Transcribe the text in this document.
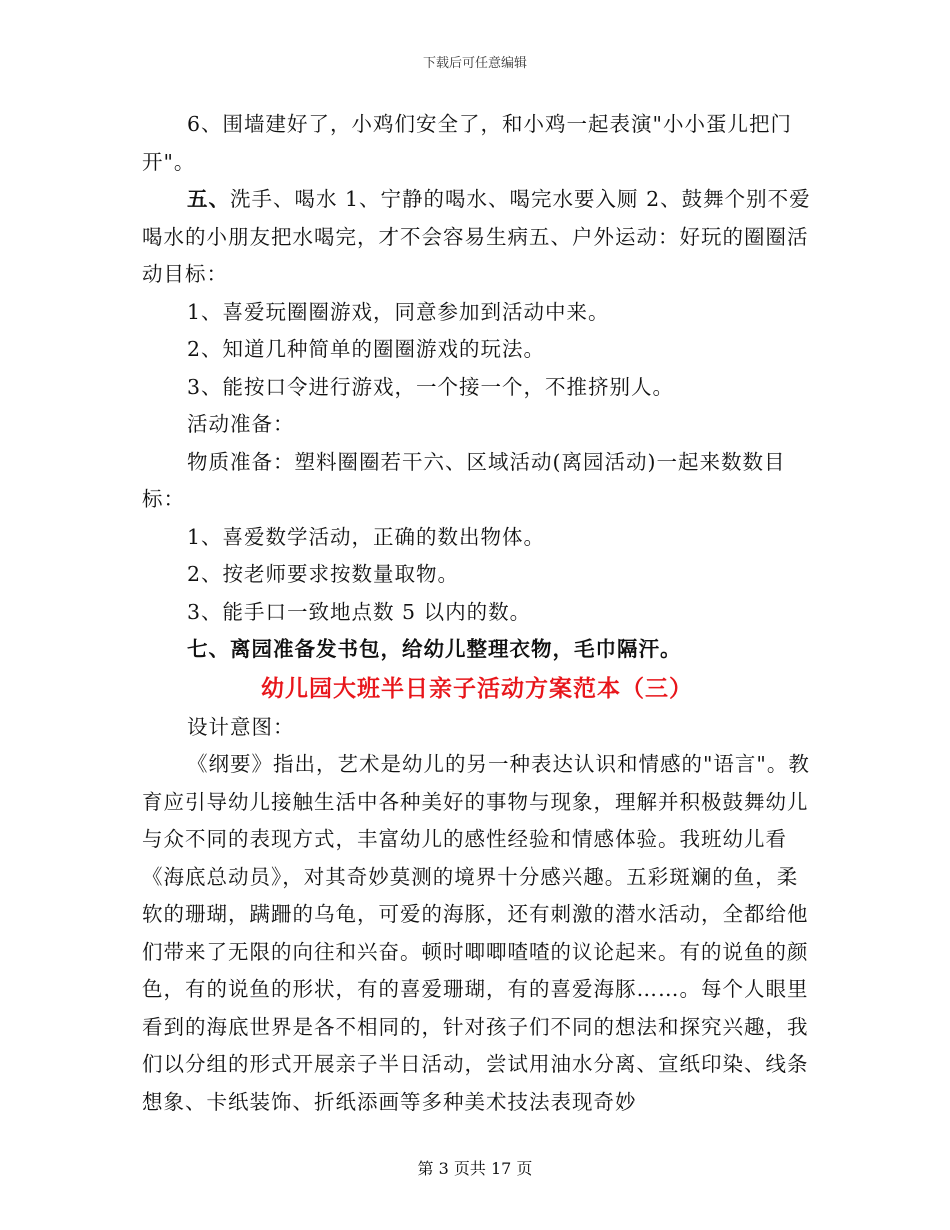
下载后可任意编辑

6、围墙建好了，小鸡们安全了，和小鸡一起表演"小小蛋儿把门开"。

五、洗手、喝水 1、宁静的喝水、喝完水要入厕 2、鼓舞个别不爱喝水的小朋友把水喝完，才不会容易生病五、户外运动：好玩的圈圈活动目标：

1、喜爱玩圈圈游戏，同意参加到活动中来。

2、知道几种简单的圈圈游戏的玩法。

3、能按口令进行游戏，一个接一个，不推挤别人。

活动准备：

物质准备：塑料圈圈若干六、区域活动(离园活动)一起来数数目标：

1、喜爱数学活动，正确的数出物体。

2、按老师要求按数量取物。

3、能手口一致地点数 5 以内的数。

七、离园准备发书包，给幼儿整理衣物，毛巾隔汗。

幼儿园大班半日亲子活动方案范本（三）

设计意图：

《纲要》指出，艺术是幼儿的另一种表达认识和情感的"语言"。教育应引导幼儿接触生活中各种美好的事物与现象，理解并积极鼓舞幼儿与众不同的表现方式，丰富幼儿的感性经验和情感体验。我班幼儿看《海底总动员》，对其奇妙莫测的境界十分感兴趣。五彩斑斓的鱼，柔软的珊瑚，蹒跚的乌龟，可爱的海豚，还有刺激的潜水活动，全都给他们带来了无限的向往和兴奋。顿时唧唧喳喳的议论起来。有的说鱼的颜色，有的说鱼的形状，有的喜爱珊瑚，有的喜爱海豚……。每个人眼里看到的海底世界是各不相同的，针对孩子们不同的想法和探究兴趣，我们以分组的形式开展亲子半日活动，尝试用油水分离、宣纸印染、线条想象、卡纸装饰、折纸添画等多种美术技法表现奇妙

第 3 页共 17 页
